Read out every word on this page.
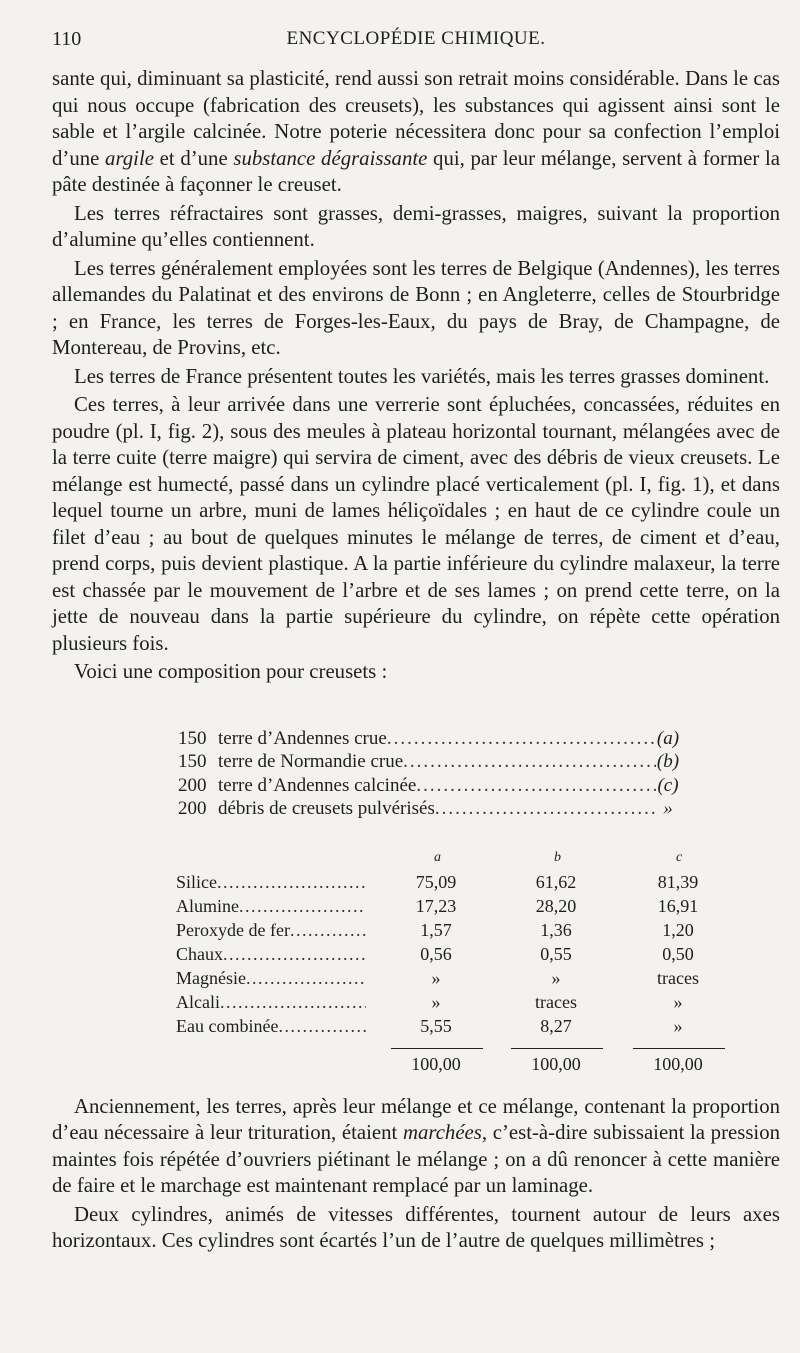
110	ENCYCLOPÉDIE CHIMIQUE.

sante qui, diminuant sa plasticité, rend aussi son retrait moins considérable. Dans le cas qui nous occupe (fabrication des creusets), les substances qui agissent ainsi sont le sable et l’argile calcinée. Notre poterie nécessitera donc pour sa confection l’emploi d’une argile et d’une substance dégraissante qui, par leur mélange, servent à former la pâte destinée à façonner le creuset.

Les terres réfractaires sont grasses, demi-grasses, maigres, suivant la proportion d’alumine qu’elles contiennent.

Les terres généralement employées sont les terres de Belgique (Andennes), les terres allemandes du Palatinat et des environs de Bonn ; en Angleterre, celles de Stourbridge ; en France, les terres de Forges-les-Eaux, du pays de Bray, de Champagne, de Montereau, de Provins, etc.

Les terres de France présentent toutes les variétés, mais les terres grasses dominent.

Ces terres, à leur arrivée dans une verrerie sont épluchées, concassées, réduites en poudre (pl. I, fig. 2), sous des meules à plateau horizontal tournant, mélangées avec de la terre cuite (terre maigre) qui servira de ciment, avec des débris de vieux creusets. Le mélange est humecté, passé dans un cylindre placé verticalement (pl. I, fig. 1), et dans lequel tourne un arbre, muni de lames héliçoïdales ; en haut de ce cylindre coule un filet d’eau ; au bout de quelques minutes le mélange de terres, de ciment et d’eau, prend corps, puis devient plastique. A la partie inférieure du cylindre malaxeur, la terre est chassée par le mouvement de l’arbre et de ses lames ; on prend cette terre, on la jette de nouveau dans la partie supérieure du cylindre, on répète cette opération plusieurs fois.

Voici une composition pour creusets :

150 terre d’Andennes crue .....	(a)
150 terre de Normandie crue .....	(b)
200 terre d’Andennes calcinée .....	(c)
200 débris de creusets pulvérisés .....	»
a	b	c
Silice .....	75,09	61,62	81,39
Alumine .....	17,23	28,20	16,91
Peroxyde de fer .....	1,57	1,36	1,20
Chaux .....	0,56	0,55	0,50
Magnésie .....	»	»	traces
Alcali .....	»	traces	»
Eau combinée .....	5,55	8,27	»
100,00	100,00	100,00

Anciennement, les terres, après leur mélange et ce mélange, contenant la proportion d’eau nécessaire à leur trituration, étaient marchées, c’est-à-dire subissaient la pression maintes fois répétée d’ouvriers piétinant le mélange ; on a dû renoncer à cette manière de faire et le marchage est maintenant remplacé par un laminage.

Deux cylindres, animés de vitesses différentes, tournent autour de leurs axes horizontaux. Ces cylindres sont écartés l’un de l’autre de quelques millimètres ;
